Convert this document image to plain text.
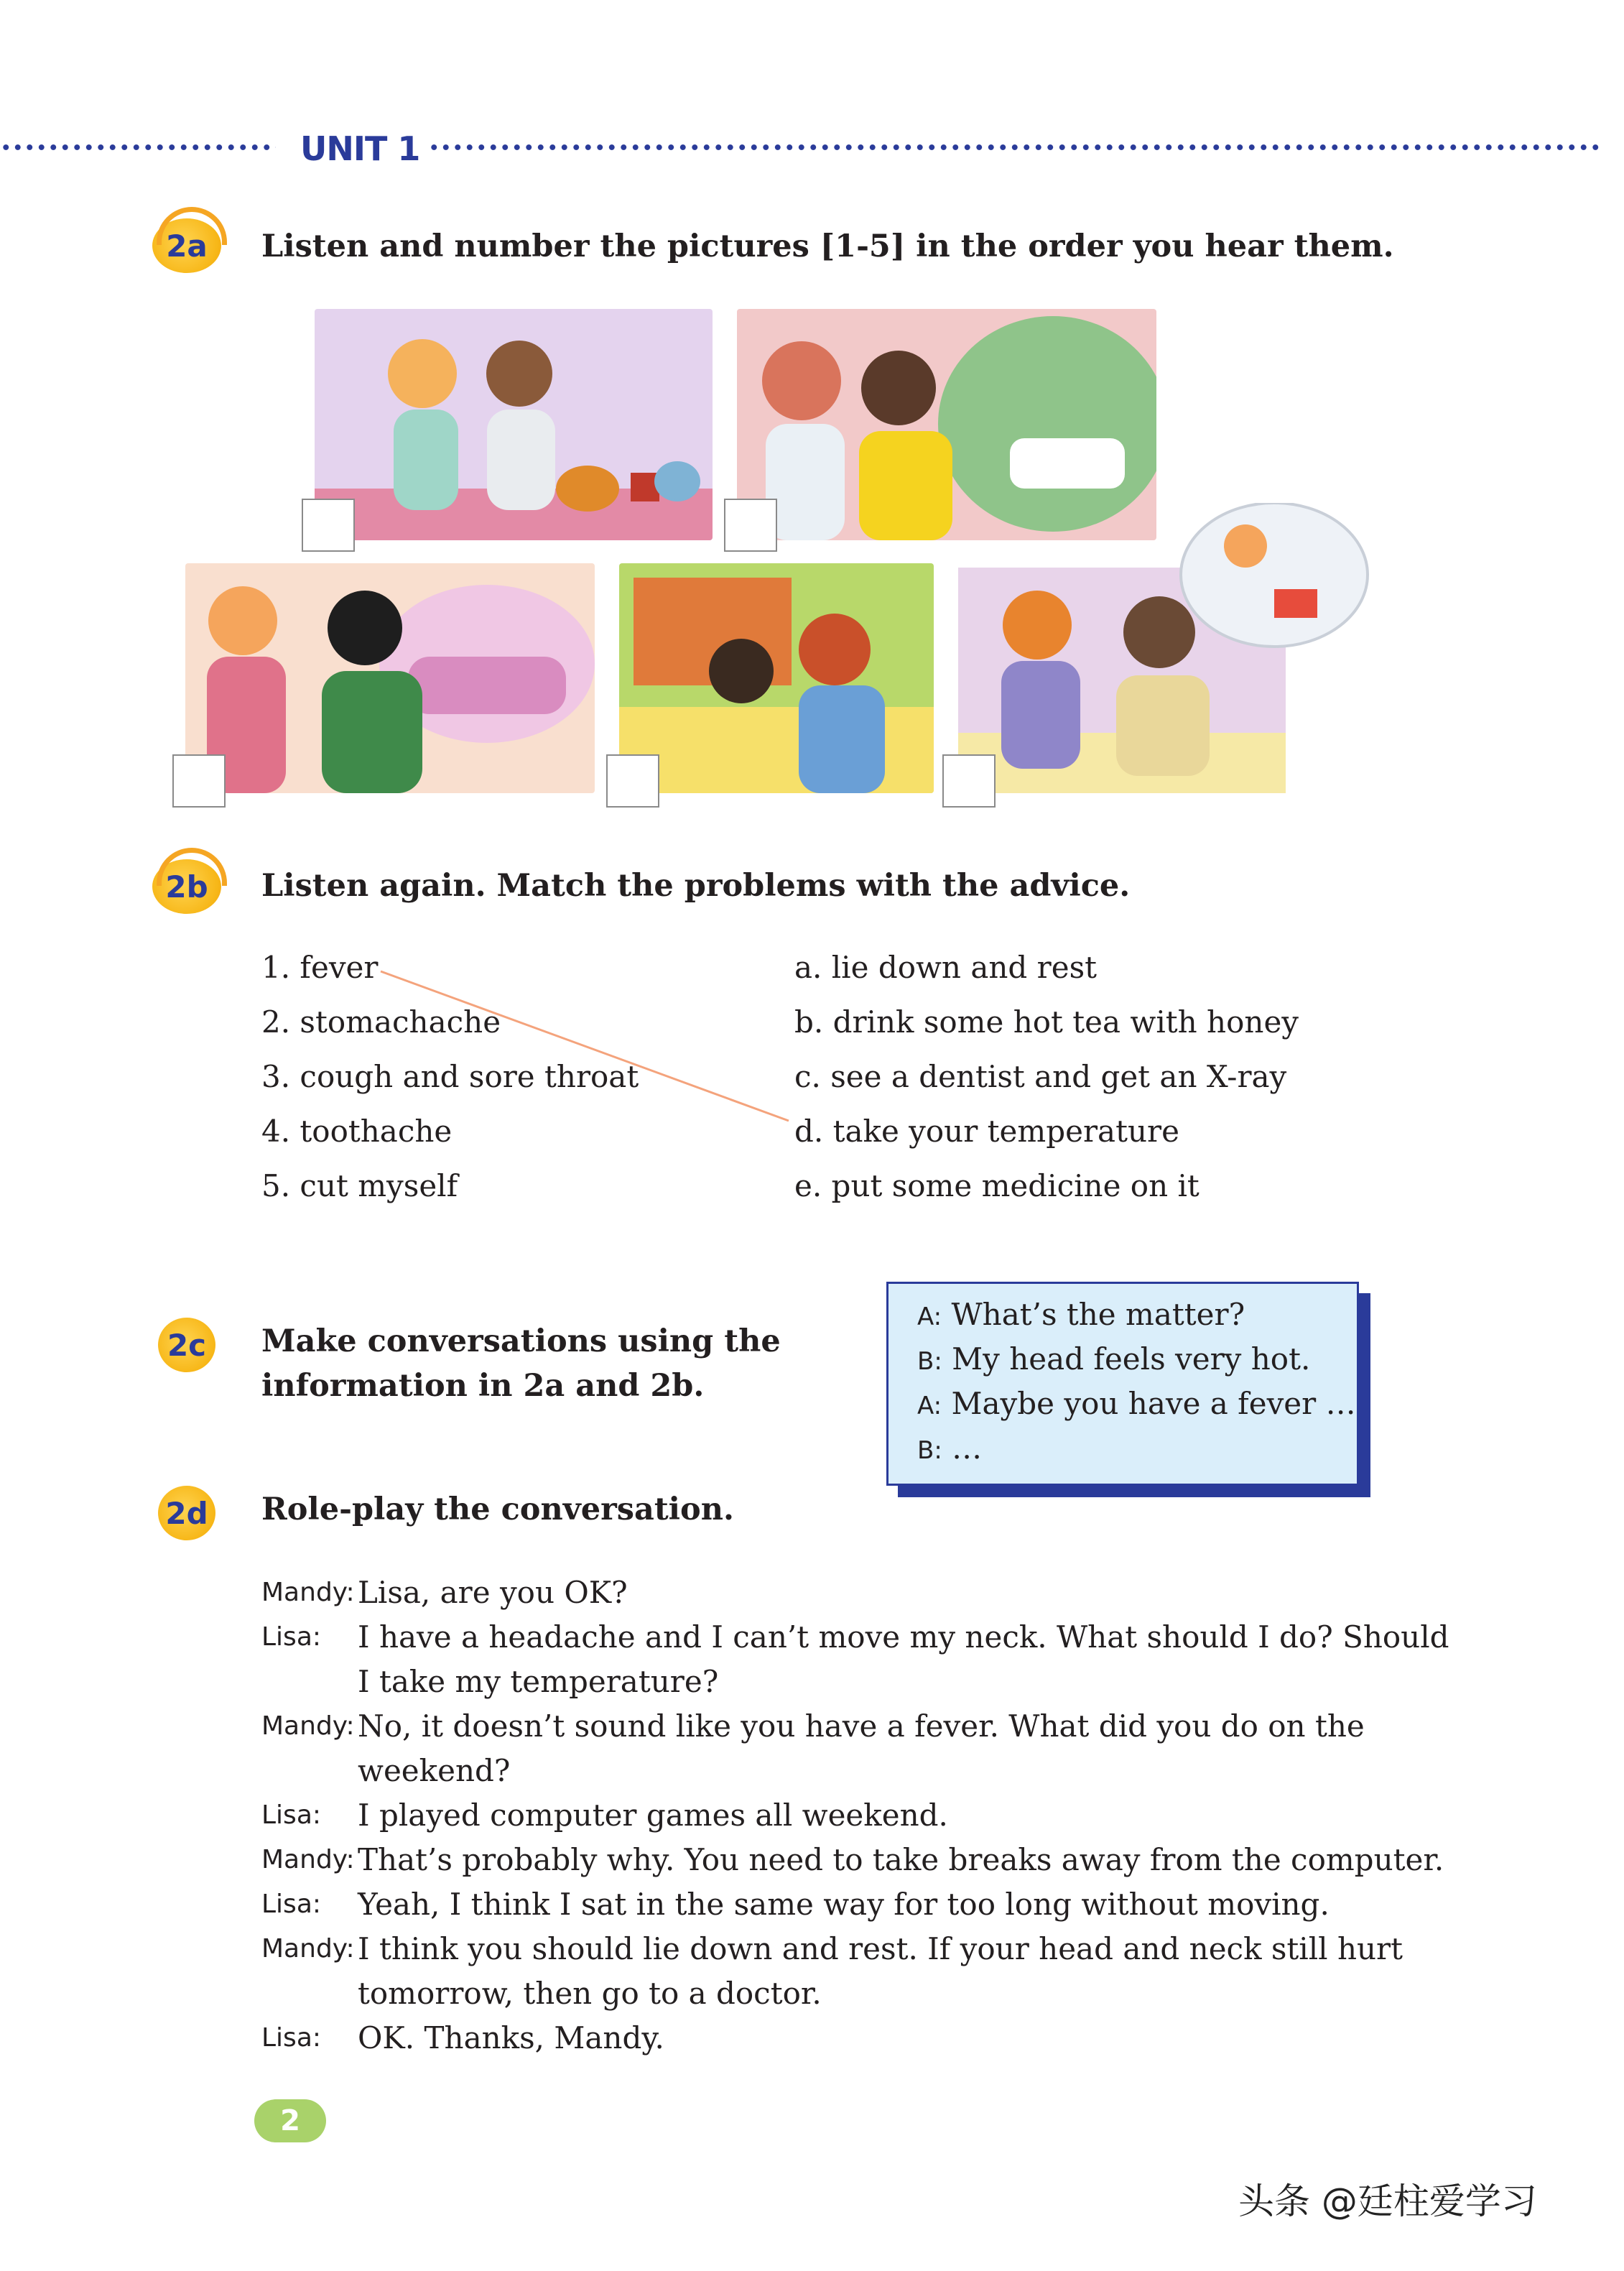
UNIT 1
2a Listen and number the pictures [1-5] in the order you hear them.
2b Listen again. Match the problems with the advice.
1. fever
2. stomachache
3. cough and sore throat
4. toothache
5. cut myself
a. lie down and rest
b. drink some hot tea with honey
c. see a dentist and get an X-ray
d. take your temperature
e. put some medicine on it
2c Make conversations using the
information in 2a and 2b.
A: What’s the matter?
B: My head feels very hot.
A: Maybe you have a fever …
B: …
2d Role-play the conversation.
Mandy: Lisa, are you OK?
Lisa: I have a headache and I can’t move my neck. What should I do? Should
I take my temperature?
Mandy: No, it doesn’t sound like you have a fever. What did you do on the
weekend?
Lisa: I played computer games all weekend.
Mandy: That’s probably why. You need to take breaks away from the computer.
Lisa: Yeah, I think I sat in the same way for too long without moving.
Mandy: I think you should lie down and rest. If your head and neck still hurt
tomorrow, then go to a doctor.
Lisa: OK. Thanks, Mandy.
2
头条 @廷柱爱学习
